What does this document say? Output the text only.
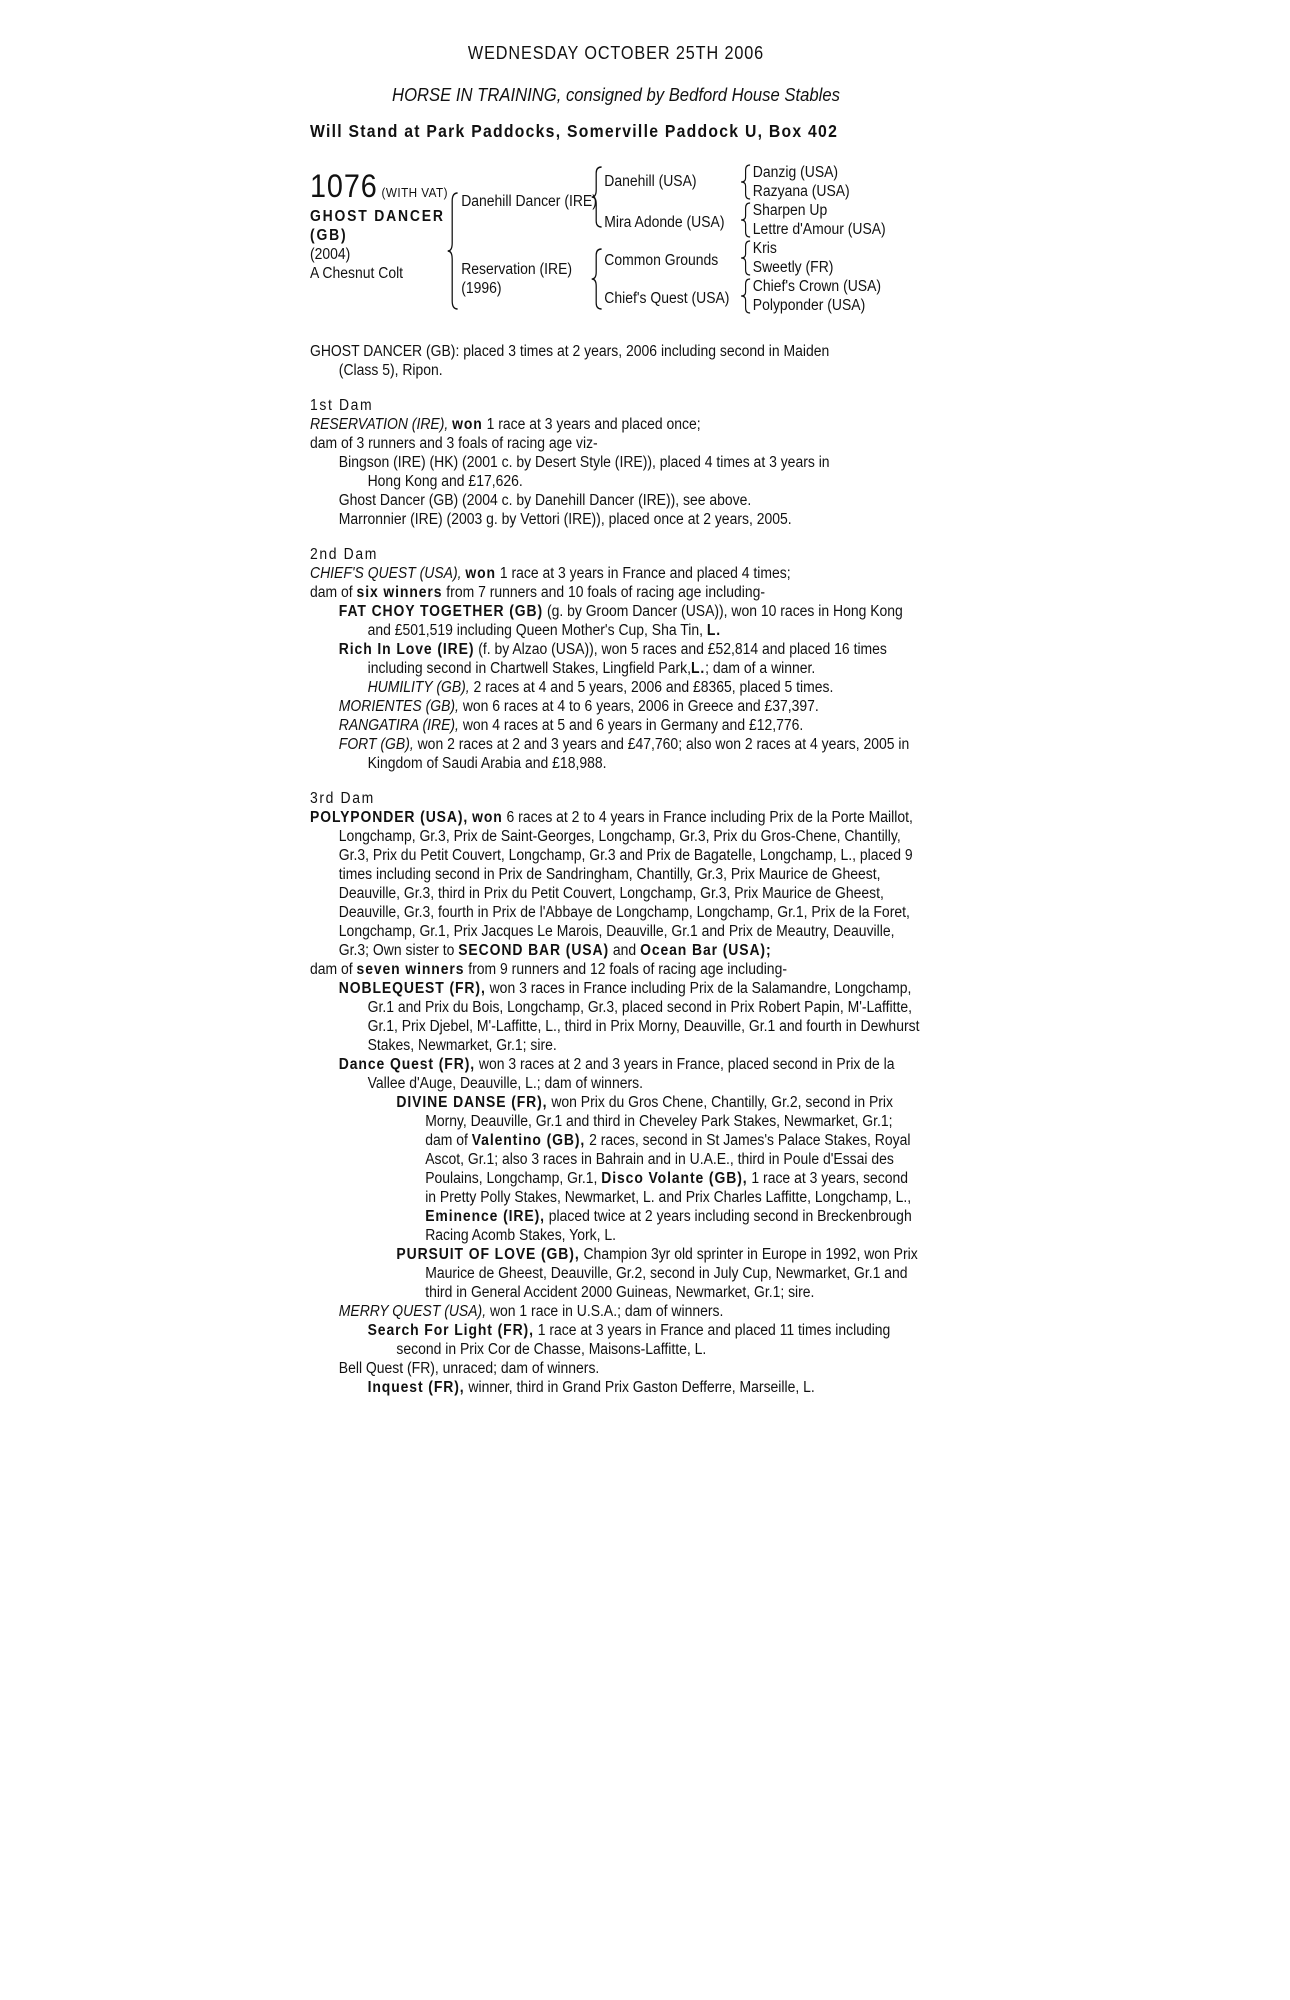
WEDNESDAY OCTOBER 25TH 2006
HORSE IN TRAINING, consigned by Bedford House Stables
Will Stand at Park Paddocks, Somerville Paddock U, Box 402
1076 (WITH VAT)
GHOST DANCER
(GB)
(2004)
A Chesnut Colt
Danehill Dancer (IRE)
Reservation (IRE)
(1996)
Danehill (USA)
Mira Adonde (USA)
Common Grounds
Chief's Quest (USA)
Danzig (USA)
Razyana (USA)
Sharpen Up
Lettre d'Amour (USA)
Kris
Sweetly (FR)
Chief's Crown (USA)
Polyponder (USA)

GHOST DANCER (GB): placed 3 times at 2 years, 2006 including second in Maiden

(Class 5), Ripon.

1st Dam

RESERVATION (IRE), won 1 race at 3 years and placed once;

dam of 3 runners and 3 foals of racing age viz-

Bingson (IRE) (HK) (2001 c. by Desert Style (IRE)), placed 4 times at 3 years in

Hong Kong and £17,626.

Ghost Dancer (GB) (2004 c. by Danehill Dancer (IRE)), see above.

Marronnier (IRE) (2003 g. by Vettori (IRE)), placed once at 2 years, 2005.

2nd Dam

CHIEF'S QUEST (USA), won 1 race at 3 years in France and placed 4 times;

dam of six winners from 7 runners and 10 foals of racing age including-

FAT CHOY TOGETHER (GB) (g. by Groom Dancer (USA)), won 10 races in Hong Kong and £501,519 including Queen Mother's Cup, Sha Tin, L.

Rich In Love (IRE) (f. by Alzao (USA)), won 5 races and £52,814 and placed 16 times including second in Chartwell Stakes, Lingfield Park,L.; dam of a winner.

HUMILITY (GB), 2 races at 4 and 5 years, 2006 and £8365, placed 5 times.

MORIENTES (GB), won 6 races at 4 to 6 years, 2006 in Greece and £37,397.

RANGATIRA (IRE), won 4 races at 5 and 6 years in Germany and £12,776.

FORT (GB), won 2 races at 2 and 3 years and £47,760; also won 2 races at 4 years, 2005 in Kingdom of Saudi Arabia and £18,988.

3rd Dam

POLYPONDER (USA), won 6 races at 2 to 4 years in France including Prix de la Porte Maillot, Longchamp, Gr.3, Prix de Saint-Georges, Longchamp, Gr.3, Prix du Gros-Chene, Chantilly, Gr.3, Prix du Petit Couvert, Longchamp, Gr.3 and Prix de Bagatelle, Longchamp, L., placed 9 times including second in Prix de Sandringham, Chantilly, Gr.3, Prix Maurice de Gheest, Deauville, Gr.3, third in Prix du Petit Couvert, Longchamp, Gr.3, Prix Maurice de Gheest, Deauville, Gr.3, fourth in Prix de l'Abbaye de Longchamp, Longchamp, Gr.1, Prix de la Foret, Longchamp, Gr.1, Prix Jacques Le Marois, Deauville, Gr.1 and Prix de Meautry, Deauville, Gr.3; Own sister to SECOND BAR (USA) and Ocean Bar (USA);

dam of seven winners from 9 runners and 12 foals of racing age including-

NOBLEQUEST (FR), won 3 races in France including Prix de la Salamandre, Longchamp, Gr.1 and Prix du Bois, Longchamp, Gr.3, placed second in Prix Robert Papin, M'-Laffitte, Gr.1, Prix Djebel, M'-Laffitte, L., third in Prix Morny, Deauville, Gr.1 and fourth in Dewhurst Stakes, Newmarket, Gr.1; sire.

Dance Quest (FR), won 3 races at 2 and 3 years in France, placed second in Prix de la Vallee d'Auge, Deauville, L.; dam of winners.

DIVINE DANSE (FR), won Prix du Gros Chene, Chantilly, Gr.2, second in Prix Morny, Deauville, Gr.1 and third in Cheveley Park Stakes, Newmarket, Gr.1; dam of Valentino (GB), 2 races, second in St James's Palace Stakes, Royal Ascot, Gr.1; also 3 races in Bahrain and in U.A.E., third in Poule d'Essai des Poulains, Longchamp, Gr.1, Disco Volante (GB), 1 race at 3 years, second in Pretty Polly Stakes, Newmarket, L. and Prix Charles Laffitte, Longchamp, L., Eminence (IRE), placed twice at 2 years including second in Breckenbrough Racing Acomb Stakes, York, L.

PURSUIT OF LOVE (GB), Champion 3yr old sprinter in Europe in 1992, won Prix Maurice de Gheest, Deauville, Gr.2, second in July Cup, Newmarket, Gr.1 and third in General Accident 2000 Guineas, Newmarket, Gr.1; sire.

MERRY QUEST (USA), won 1 race in U.S.A.; dam of winners.

Search For Light (FR), 1 race at 3 years in France and placed 11 times including second in Prix Cor de Chasse, Maisons-Laffitte, L.

Bell Quest (FR), unraced; dam of winners.

Inquest (FR), winner, third in Grand Prix Gaston Defferre, Marseille, L.
